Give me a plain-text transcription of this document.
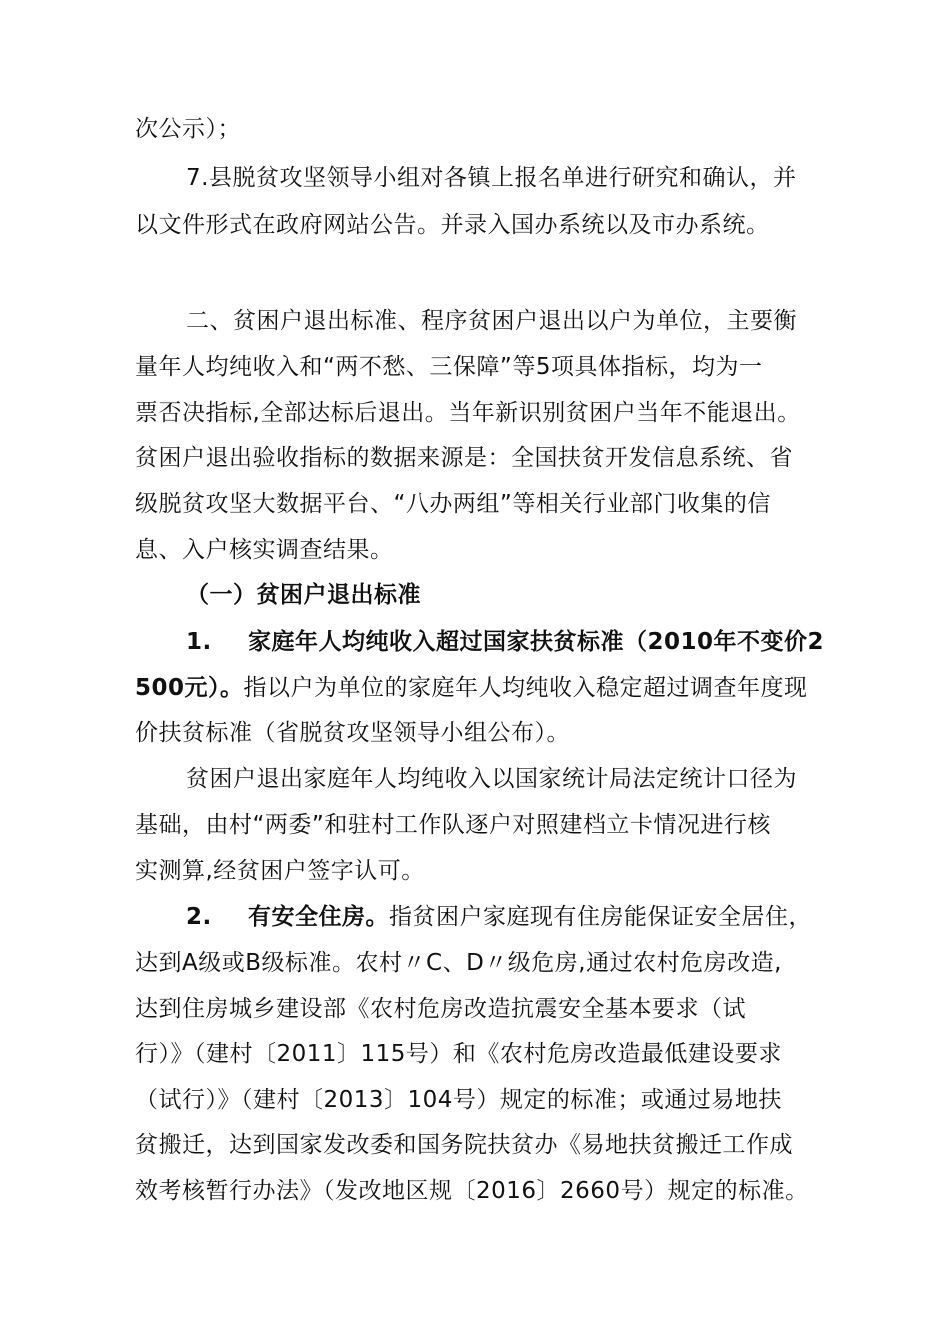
次公示）；
7.县脱贫攻坚领导小组对各镇上报名单进行研究和确认，并
以文件形式在政府网站公告。并录入国办系统以及市办系统。
二、贫困户退出标准、程序贫困户退出以户为单位，主要衡
量年人均纯收入和“两不愁、三保障”等5项具体指标，均为一
票否决指标,全部达标后退出。当年新识别贫困户当年不能退出。
贫困户退出验收指标的数据来源是：全国扶贫开发信息系统、省
级脱贫攻坚大数据平台、“八办两组”等相关行业部门收集的信
息、入户核实调查结果。
（一）贫困户退出标准
1. 家庭年人均纯收入超过国家扶贫标准（2010年不变价2
500元）。指以户为单位的家庭年人均纯收入稳定超过调查年度现
价扶贫标准（省脱贫攻坚领导小组公布）。
贫困户退出家庭年人均纯收入以国家统计局法定统计口径为
基础，由村“两委”和驻村工作队逐户对照建档立卡情况进行核
实测算,经贫困户签字认可。
2. 有安全住房。指贫困户家庭现有住房能保证安全居住，
达到A级或B级标准。农村〃C、D〃级危房,通过农村危房改造,
达到住房城乡建设部《农村危房改造抗震安全基本要求（试
行）》（建村〔2011〕115号）和《农村危房改造最低建设要求
（试行）》（建村〔2013〕104号）规定的标准；或通过易地扶
贫搬迁，达到国家发改委和国务院扶贫办《易地扶贫搬迁工作成
效考核暂行办法》（发改地区规〔2016〕2660号）规定的标准。
